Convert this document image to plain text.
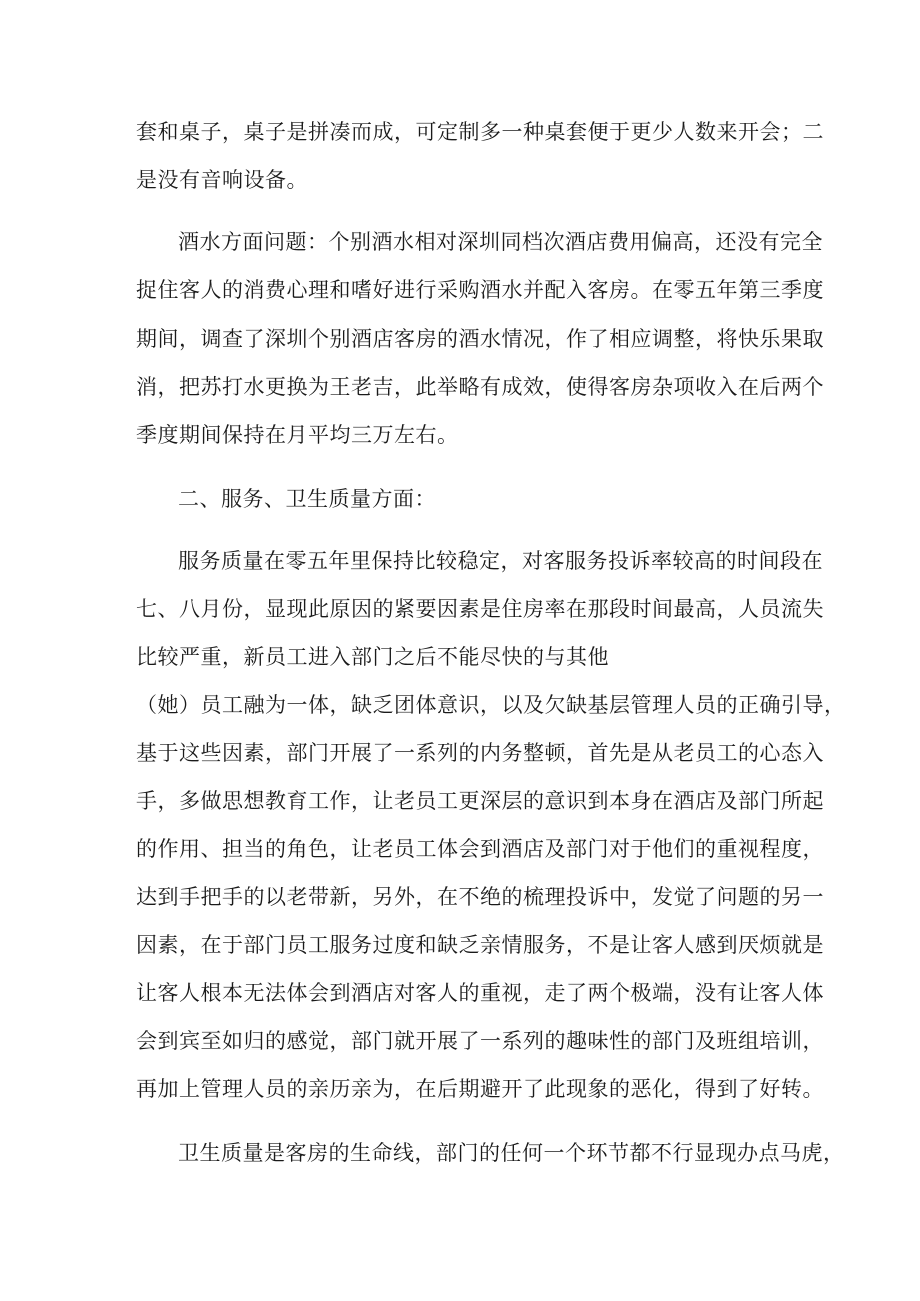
套和桌子，桌子是拼凑而成，可定制多一种桌套便于更少人数来开会；二
是没有音响设备。
酒水方面问题：个别酒水相对深圳同档次酒店费用偏高，还没有完全
捉住客人的消费心理和嗜好进行采购酒水并配入客房。在零五年第三季度
期间，调查了深圳个别酒店客房的酒水情况，作了相应调整，将快乐果取
消，把苏打水更换为王老吉，此举略有成效，使得客房杂项收入在后两个
季度期间保持在月平均三万左右。
二、服务、卫生质量方面：
服务质量在零五年里保持比较稳定，对客服务投诉率较高的时间段在
七、八月份，显现此原因的紧要因素是住房率在那段时间最高，人员流失
比较严重，新员工进入部门之后不能尽快的与其他
（她）员工融为一体，缺乏团体意识，以及欠缺基层管理人员的正确引导，
基于这些因素，部门开展了一系列的内务整顿，首先是从老员工的心态入
手，多做思想教育工作，让老员工更深层的意识到本身在酒店及部门所起
的作用、担当的角色，让老员工体会到酒店及部门对于他们的重视程度，
达到手把手的以老带新，另外，在不绝的梳理投诉中，发觉了问题的另一
因素，在于部门员工服务过度和缺乏亲情服务，不是让客人感到厌烦就是
让客人根本无法体会到酒店对客人的重视，走了两个极端，没有让客人体
会到宾至如归的感觉，部门就开展了一系列的趣味性的部门及班组培训，
再加上管理人员的亲历亲为，在后期避开了此现象的恶化，得到了好转。
卫生质量是客房的生命线，部门的任何一个环节都不行显现办点马虎，
